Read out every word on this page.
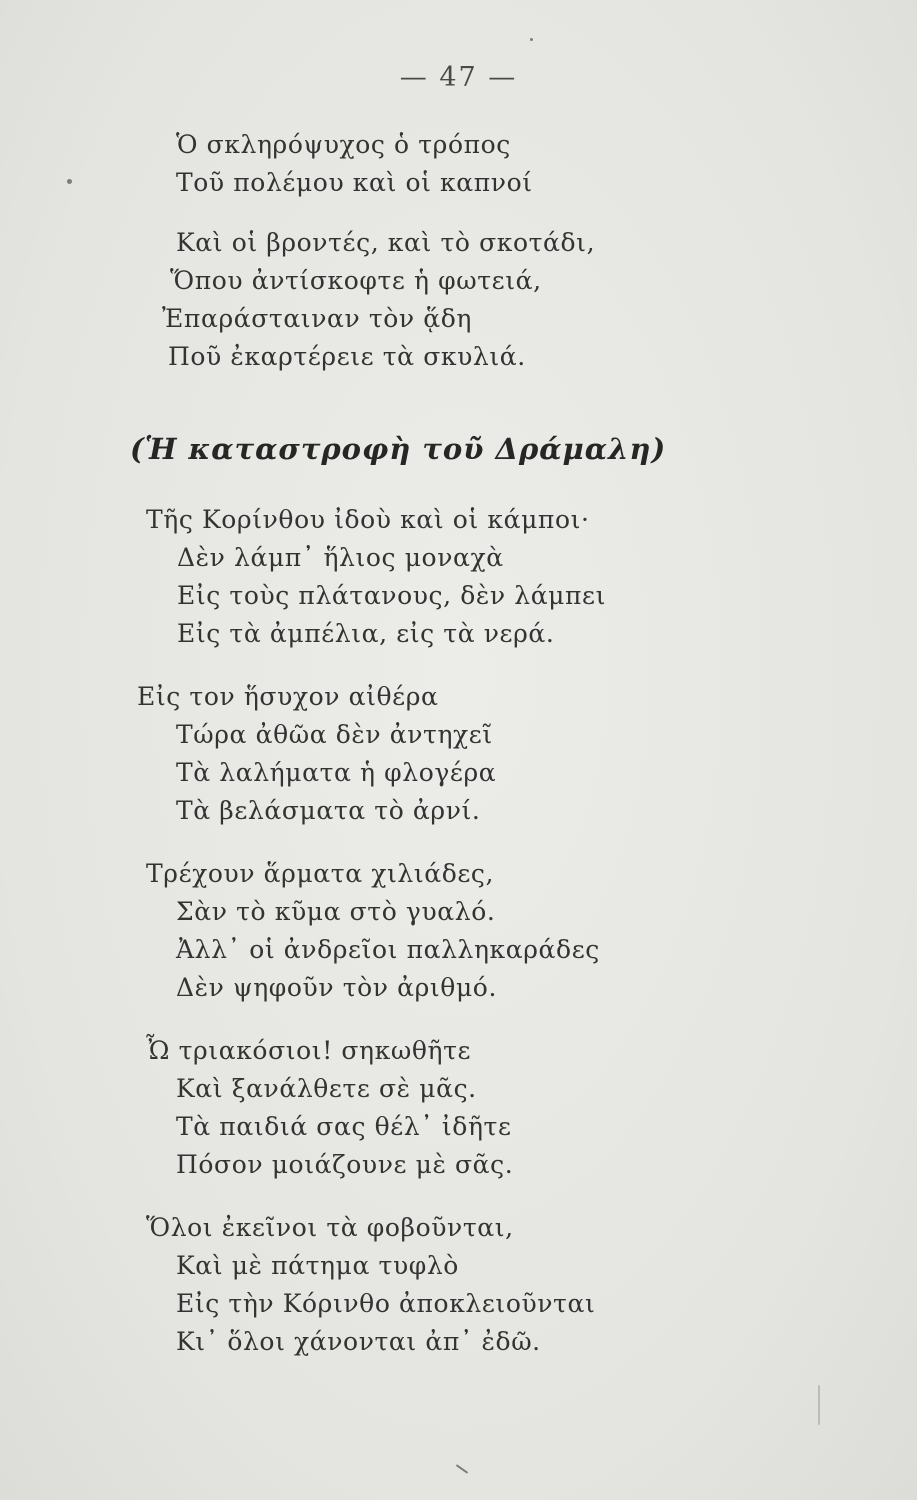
— 47 —
Ὁ σκληρόψυχος ὁ τρόπος
Τοῦ πολέμου καὶ οἱ καπνοί
Καὶ οἱ βροντές, καὶ τὸ σκοτάδι,
Ὅπου ἀντίσκοφτε ἡ φωτειά,
Ἐπαράσταιναν τὸν ᾅδη
Ποῦ ἐκαρτέρειε τὰ σκυλιά.
(Ἡ καταστροφὴ τοῦ Δράμαλη)
Τῆς Κορίνθου ἰδοὺ καὶ οἱ κάμποι·
Δὲν λάμπ᾿ ἥλιος μοναχὰ
Εἰς τοὺς πλάτανους, δὲν λάμπει
Εἰς τὰ ἀμπέλια, εἰς τὰ νερά.
Εἰς τον ἥσυχον αἰθέρα
Τώρα ἀθῶα δὲν ἀντηχεῖ
Τὰ λαλήματα ἡ φλογέρα
Τὰ βελάσματα τὸ ἀρνί.
Τρέχουν ἅρματα χιλιάδες,
Σὰν τὸ κῦμα στὸ γυαλό.
Ἀλλ᾿ οἱ ἀνδρεῖοι παλληκαράδες
Δὲν ψηφοῦν τὸν ἀριθμό.
Ὦ τριακόσιοι! σηκωθῆτε
Καὶ ξανάλθετε σὲ μᾶς.
Τὰ παιδιά σας θέλ᾿ ἰδῆτε
Πόσον μοιάζουνε μὲ σᾶς.
Ὅλοι ἐκεῖνοι τὰ φοβοῦνται,
Καὶ μὲ πάτημα τυφλὸ
Εἰς τὴν Κόρινθο ἀποκλειοῦνται
Κι᾿ ὅλοι χάνονται ἀπ᾿ ἐδῶ.
